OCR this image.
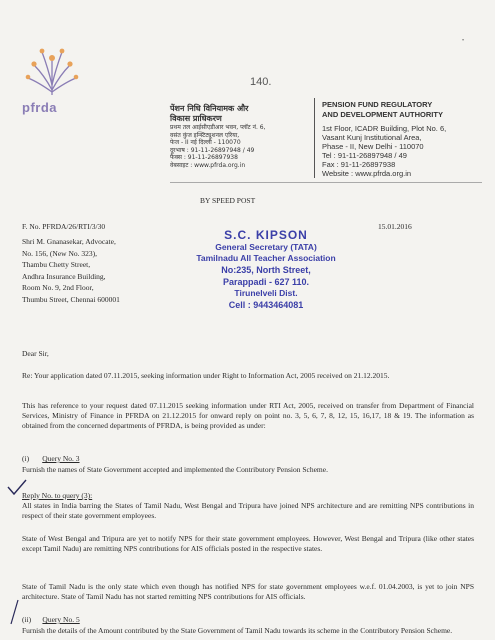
pfrda
140.
•
पेंशन निधि विनियामक और
विकास प्राधिकरण
प्रथम तल आईसीएडीआर भवन, प्लॉट नं. 6,
वसंत कुंज इन्स्टिट्यूशनल एरिया,
फेज - II नई दिल्ली - 110070
दूरभाष : 91-11-26897948 / 49
फैक्स : 91-11-26897938
वेबसाइट : www.pfrda.org.in
PENSION FUND REGULATORY
AND DEVELOPMENT AUTHORITY
1st Floor, ICADR Building, Plot No. 6,
Vasant Kunj Institutional Area,
Phase - II, New Delhi - 110070
Tel : 91-11-26897948 / 49
Fax : 91-11-26897938
Website : www.pfrda.org.in
BY SPEED POST
F. No. PFRDA/26/RTI/3/30	15.01.2016
Shri M. Gnanasekar, Advocate,
No. 156, (New No. 323),
Thambu Chetty Street,
Andhra Insurance Building,
Room No. 9, 2nd Floor,
Thumbu Street, Chennai 600001
S.C. KIPSON
General Secretary (TATA)
Tamilnadu All Teacher Association
No:235, North Street,
Parappadi - 627 110.
Tirunelveli Dist.
Cell : 9443464081
Dear Sir,
Re: Your application dated 07.11.2015, seeking information under Right to Information Act, 2005 received on 21.12.2015.
This has reference to your request dated 07.11.2015 seeking information under RTI Act, 2005, received on transfer from Department of Financial Services, Ministry of Finance in PFRDA on 21.12.2015 for onward reply on point no. 3, 5, 6, 7, 8, 12, 15, 16,17, 18 & 19. The information as obtained from the concerned departments of PFRDA, is being provided as under:
(i) Query No. 3
Furnish the names of State Government accepted and implemented the Contributory Pension Scheme.
Reply No. to query (3):
All states in India barring the States of Tamil Nadu, West Bengal and Tripura have joined NPS architecture and are remitting NPS contributions in respect of their state government employees.
State of West Bengal and Tripura are yet to notify NPS for their state government employees. However, West Bengal and Tripura (like other states except Tamil Nadu) are remitting NPS contributions for AIS officials posted in the respective states.
State of Tamil Nadu is the only state which even though has notified NPS for state government employees w.e.f. 01.04.2003, is yet to join NPS architecture. State of Tamil Nadu has not started remitting NPS contributions for AIS officials.
(ii) Query No. 5
Furnish the details of the Amount contributed by the State Government of Tamil Nadu towards its scheme in the Contributory Pension Scheme.
